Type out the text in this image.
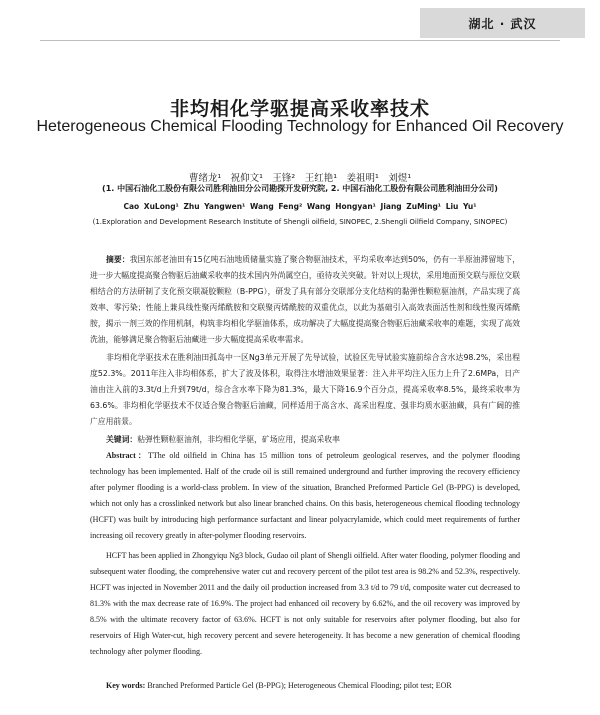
湖北 · 武汉
非均相化学驱提高采收率技术
Heterogeneous Chemical Flooding Technology for Enhanced Oil Recovery
曹绪龙¹　祝仰文¹　王锋²　王红艳¹　姜祖明¹　刘煜¹
(1. 中国石油化工股份有限公司胜利油田分公司勘探开发研究院, 2. 中国石油化工股份有限公司胜利油田分公司)
Cao XuLong¹ Zhu Yangwen¹ Wang Feng² Wang Hongyan¹ Jiang ZuMing¹ Liu Yu¹
(1.Exploration and Development Research Institute of Shengli oilfield, SINOPEC, 2.Shengli Oilfield Company, SINOPEC)
摘要：我国东部老油田有15亿吨石油地质储量实施了聚合物驱油技术，平均采收率达到50%，仍有一半原油滞留地下，进一步大幅度提高聚合物驱后油藏采收率的技术国内外尚属空白，亟待攻关突破。针对以上现状，采用地面预交联与原位交联相结合的方法研制了支化预交联凝胶颗粒（B-PPG），研发了具有部分交联部分支化结构的黏弹性颗粒驱油剂，产品实现了高效率、零污染；性能上兼具线性聚丙烯酰胺和交联聚丙烯酰胺的双重优点，以此为基础引入高效表面活性剂和线性聚丙烯酰胺，揭示一剂三效的作用机制，构筑非均相化学驱油体系，成功解决了大幅度提高聚合物驱后油藏采收率的难题，实现了高效洗油，能够满足聚合物驱后油藏进一步大幅度提高采收率需求。
非均相化学驱技术在胜利油田孤岛中一区Ng3单元开展了先导试验，试验区先导试验实施前综合含水达98.2%，采出程度52.3%。2011年注入非均相体系，扩大了波及体积，取得注水增油效果显著：注入井平均注入压力上升了2.6MPa，日产油由注入前的3.3t/d上升到79t/d，综合含水率下降为81.3%，最大下降16.9个百分点，提高采收率8.5%，最终采收率为63.6%。非均相化学驱技术不仅适合聚合物驱后油藏，同样适用于高含水、高采出程度、强非均质水驱油藏，具有广阔的推广应用前景。
关键词：粘弹性颗粒驱油剂，非均相化学驱，矿场应用，提高采收率
Abstract：TThe old oilfield in China has 15 million tons of petroleum geological reserves, and the polymer flooding technology has been implemented. Half of the crude oil is still remained underground and further improving the recovery efficiency after polymer flooding is a world-class problem. In view of the situation, Branched Preformed Particle Gel (B-PPG) is developed, which not only has a crosslinked network but also linear branched chains. On this basis, heterogeneous chemical flooding technology (HCFT) was built by introducing high performance surfactant and linear polyacrylamide, which could meet requirements of further increasing oil recovery greatly in after-polymer flooding reservoirs.
HCFT has been applied in Zhongyiqu Ng3 block, Gudao oil plant of Shengli oilfield. After water flooding, polymer flooding and subsequent water flooding, the comprehensive water cut and recovery percent of the pilot test area is 98.2% and 52.3%, respectively. HCFT was injected in November 2011 and the daily oil production increased from 3.3 t/d to 79 t/d, composite water cut decreased to 81.3% with the max decrease rate of 16.9%. The project had enhanced oil recovery by 6.62%, and the oil recovery was improved by 8.5% with the ultimate recovery factor of 63.6%. HCFT is not only suitable for reservoirs after polymer flooding, but also for reservoirs of High Water-cut, high recovery percent and severe heterogeneity. It has become a new generation of chemical flooding technology after polymer flooding.
Key words: Branched Preformed Particle Gel (B-PPG); Heterogeneous Chemical Flooding; pilot test; EOR
